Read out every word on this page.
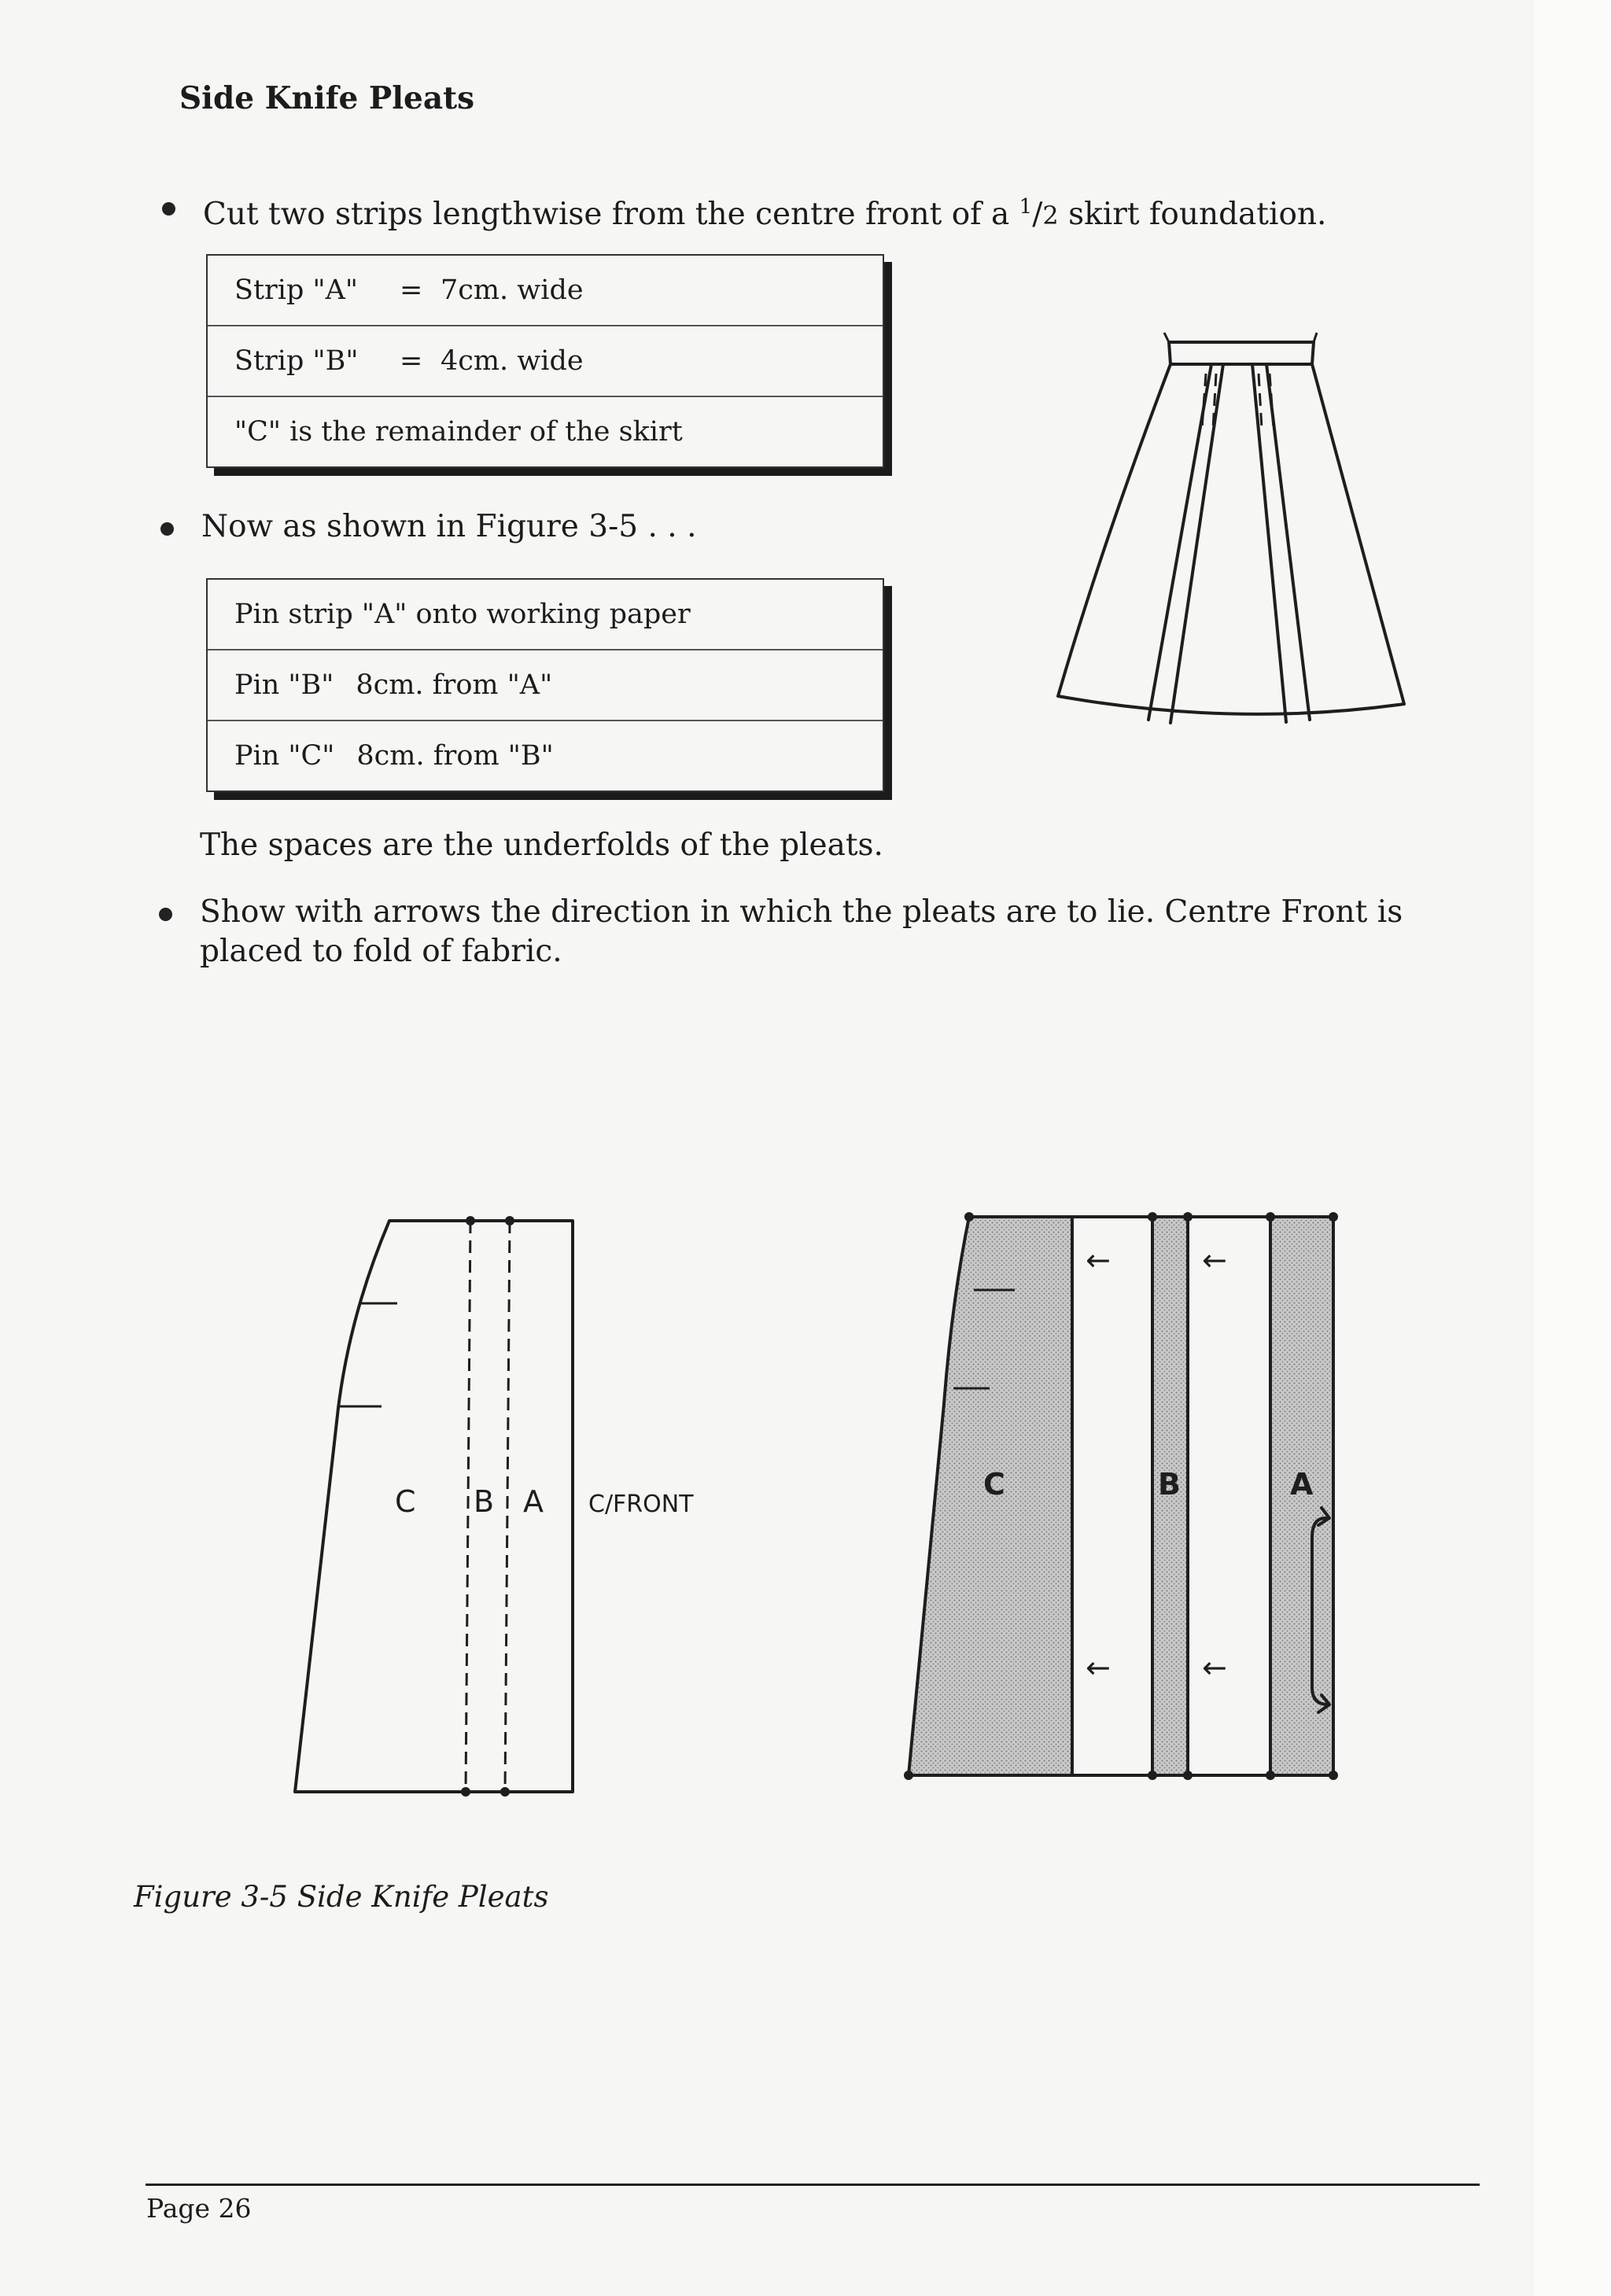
Side Knife Pleats
Cut two strips lengthwise from the centre front of a $^1$/2 skirt foundation.
Strip "A"	= 7cm. wide
Strip "B"	= 4cm. wide
"C" is the remainder of the skirt
Now as shown in Figure 3-5 . . .
Pin strip "A" onto working paper
Pin "B" 8cm. from "A"
Pin "C" 8cm. from "B"
The spaces are the underfolds of the pleats.
Show with arrows the direction in which the pleats are to lie. Centre Front is placed to fold of fabric.
C B A C/FRONT
←	←
←	←
C	B	A
Figure 3-5 Side Knife Pleats
Page 26
